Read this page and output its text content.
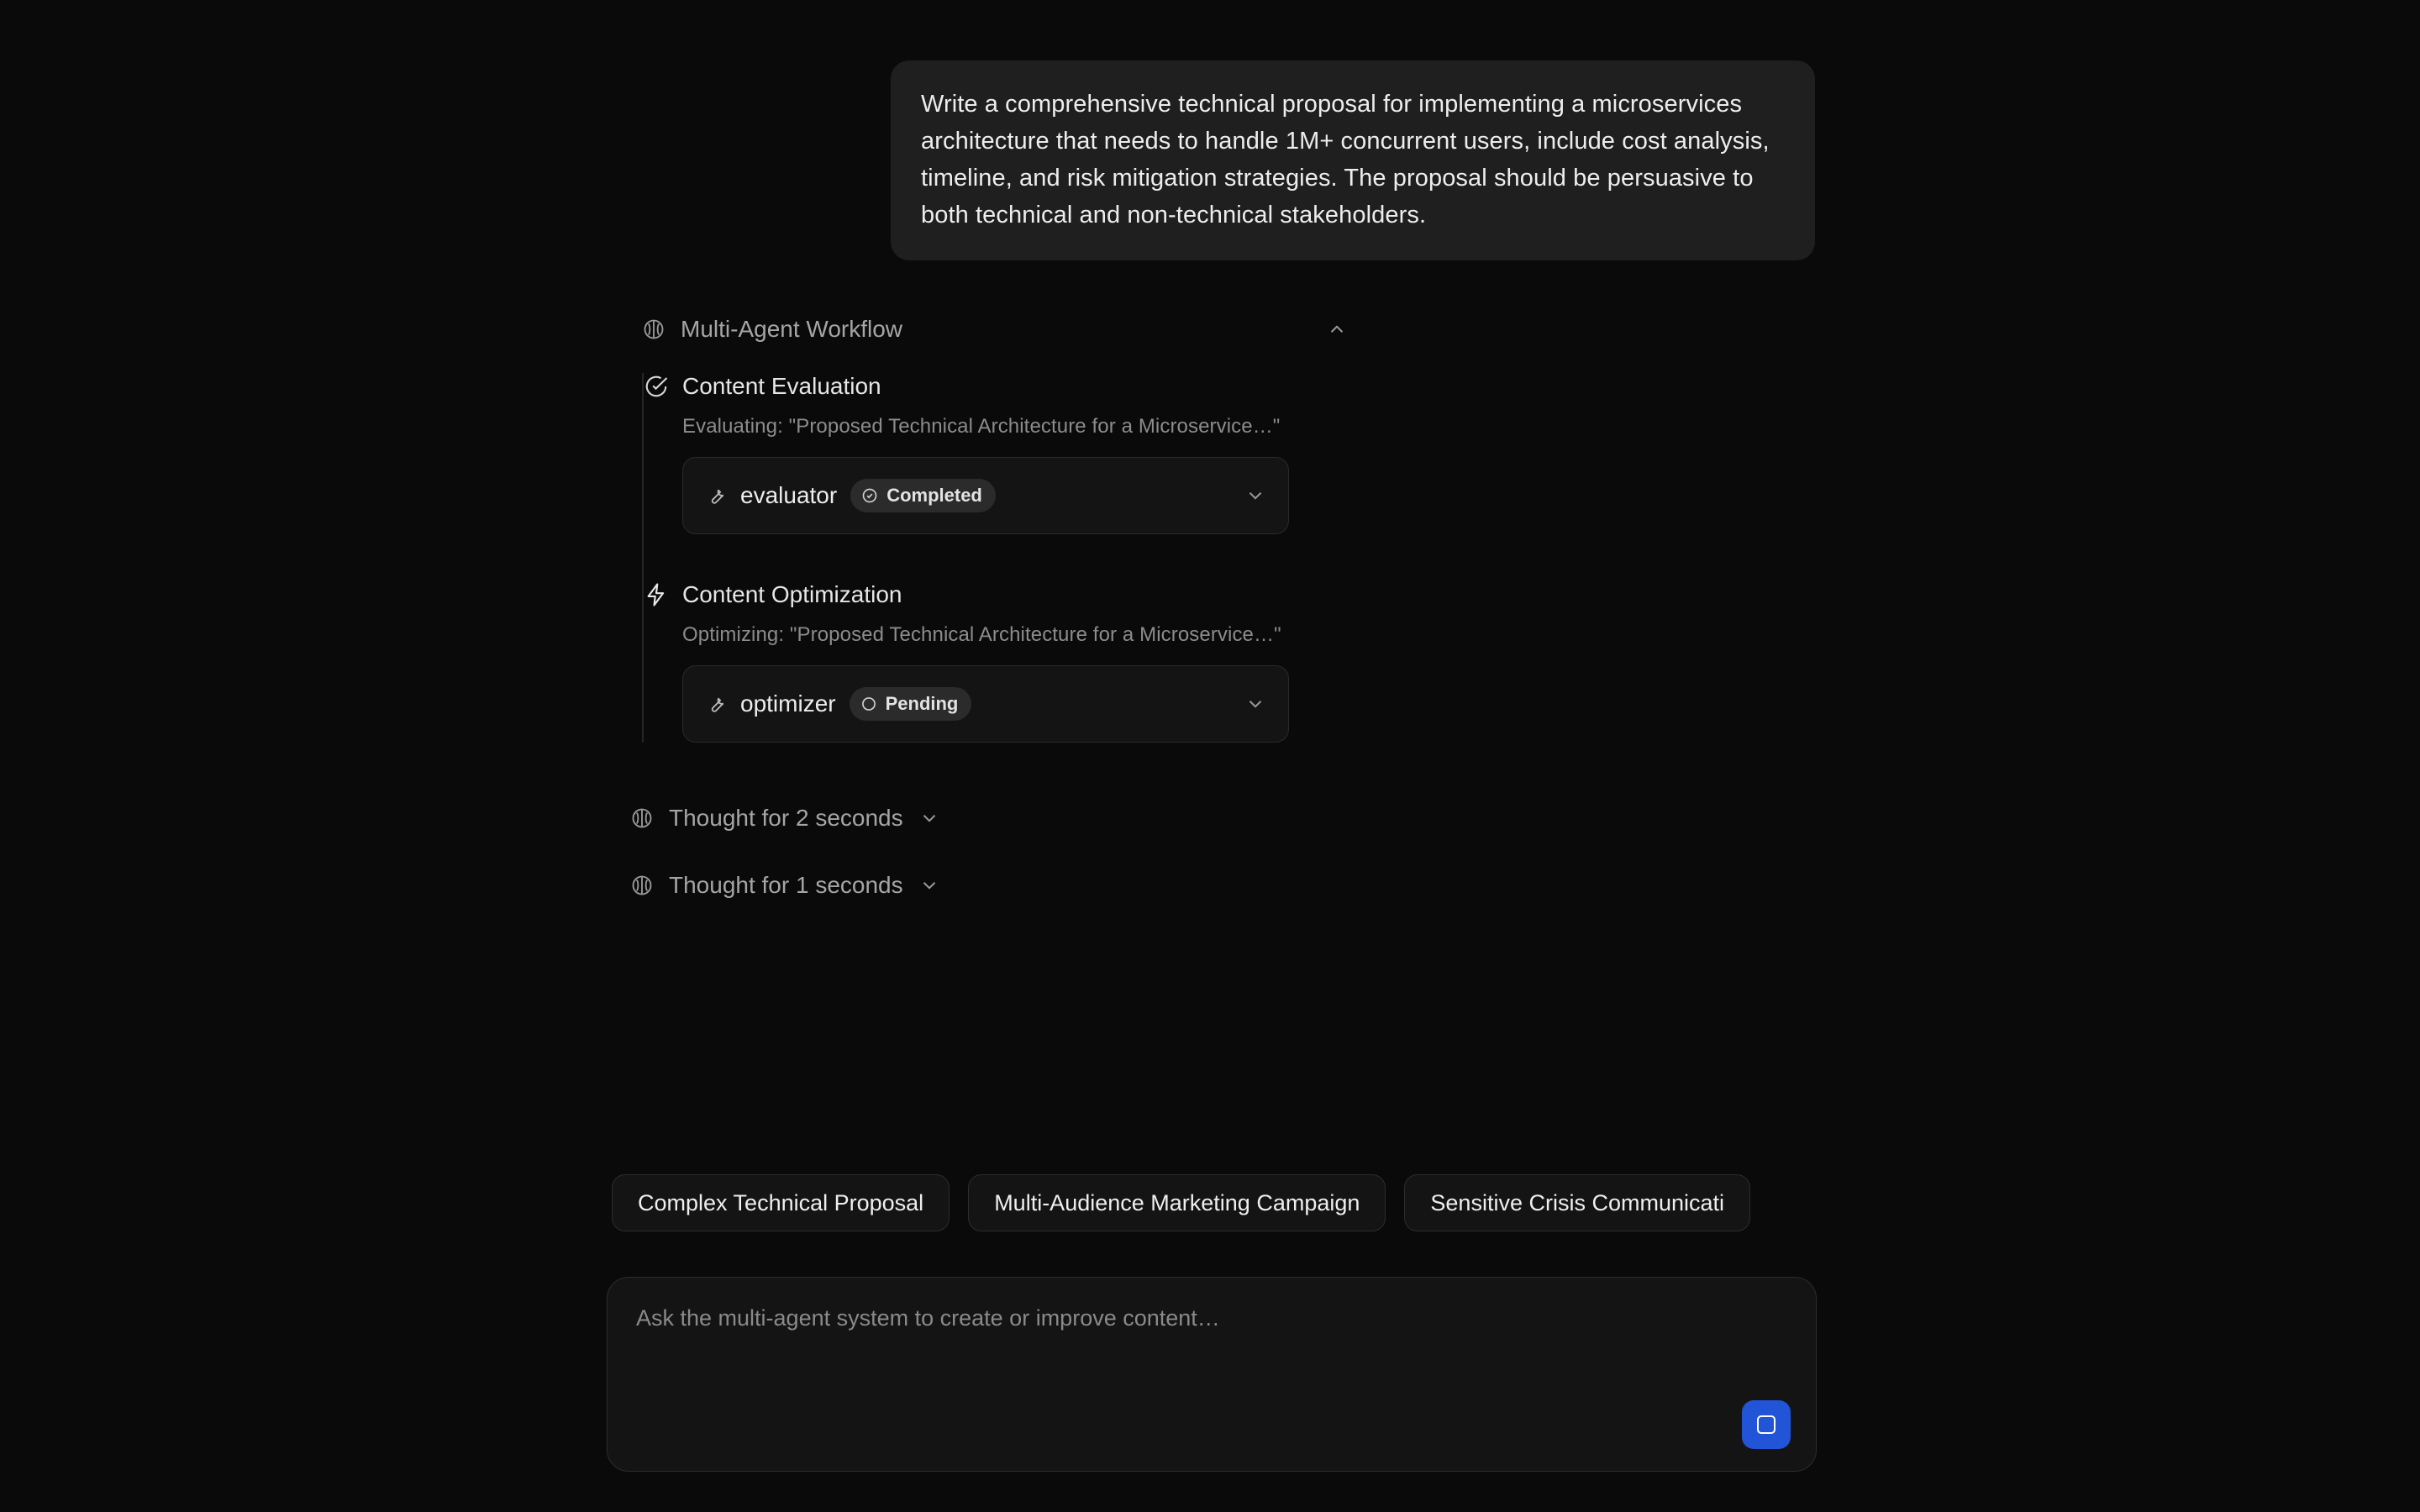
Write a comprehensive technical proposal for implementing a microservices architecture that needs to handle 1M+ concurrent users, include cost analysis, timeline, and risk mitigation strategies. The proposal should be persuasive to both technical and non-technical stakeholders.
Multi-Agent Workflow
Content Evaluation
Evaluating: "Proposed Technical Architecture for a Microservice…"
evaluator	Completed
Content Optimization
Optimizing: "Proposed Technical Architecture for a Microservice…"
optimizer	Pending
Thought for 2 seconds
Thought for 1 seconds
Complex Technical Proposal	Multi-Audience Marketing Campaign	Sensitive Crisis Communicati
Ask the multi-agent system to create or improve content…
